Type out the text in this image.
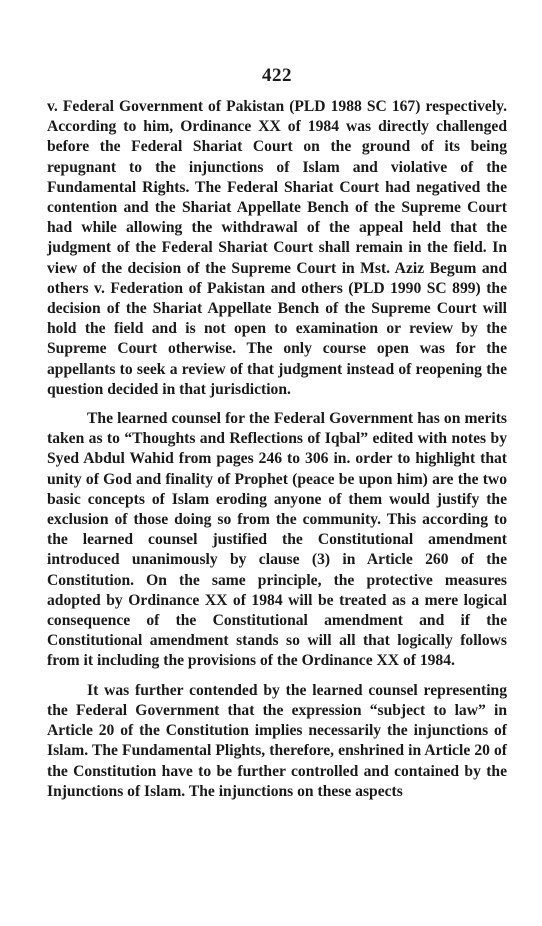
422

v. Federal Government of Pakistan (PLD 1988 SC 167) respectively. According to him, Ordinance XX of 1984 was directly challenged before the Federal Shariat Court on the ground of its being repugnant to the injunctions of Islam and violative of the Fundamental Rights. The Federal Shariat Court had negatived the contention and the Shariat Appellate Bench of the Supreme Court had while allowing the withdrawal of the appeal held that the judgment of the Federal Shariat Court shall remain in the field. In view of the decision of the Supreme Court in Mst. Aziz Begum and others v. Federation of Pakistan and others (PLD 1990 SC 899) the decision of the Shariat Appellate Bench of the Supreme Court will hold the field and is not open to examination or review by the Supreme Court otherwise. The only course open was for the appellants to seek a review of that judgment instead of reopening the question decided in that jurisdiction.

The learned counsel for the Federal Government has on merits taken as to “Thoughts and Reflections of Iqbal” edited with notes by Syed Abdul Wahid from pages 246 to 306 in. order to highlight that unity of God and finality of Prophet (peace be upon him) are the two basic concepts of Islam eroding anyone of them would justify the exclusion of those doing so from the community. This according to the learned counsel justified the Constitutional amendment introduced unanimously by clause (3) in Article 260 of the Constitution. On the same principle, the protective measures adopted by Ordinance XX of 1984 will be treated as a mere logical consequence of the Constitutional amendment and if the Constitutional amendment stands so will all that logically follows from it including the provisions of the Ordinance XX of 1984.

It was further contended by the learned counsel representing the Federal Government that the expression “subject to law” in Article 20 of the Constitution implies necessarily the injunctions of Islam. The Fundamental Plights, therefore, enshrined in Article 20 of the Constitution have to be further controlled and contained by the Injunctions of Islam. The injunctions on these aspects
